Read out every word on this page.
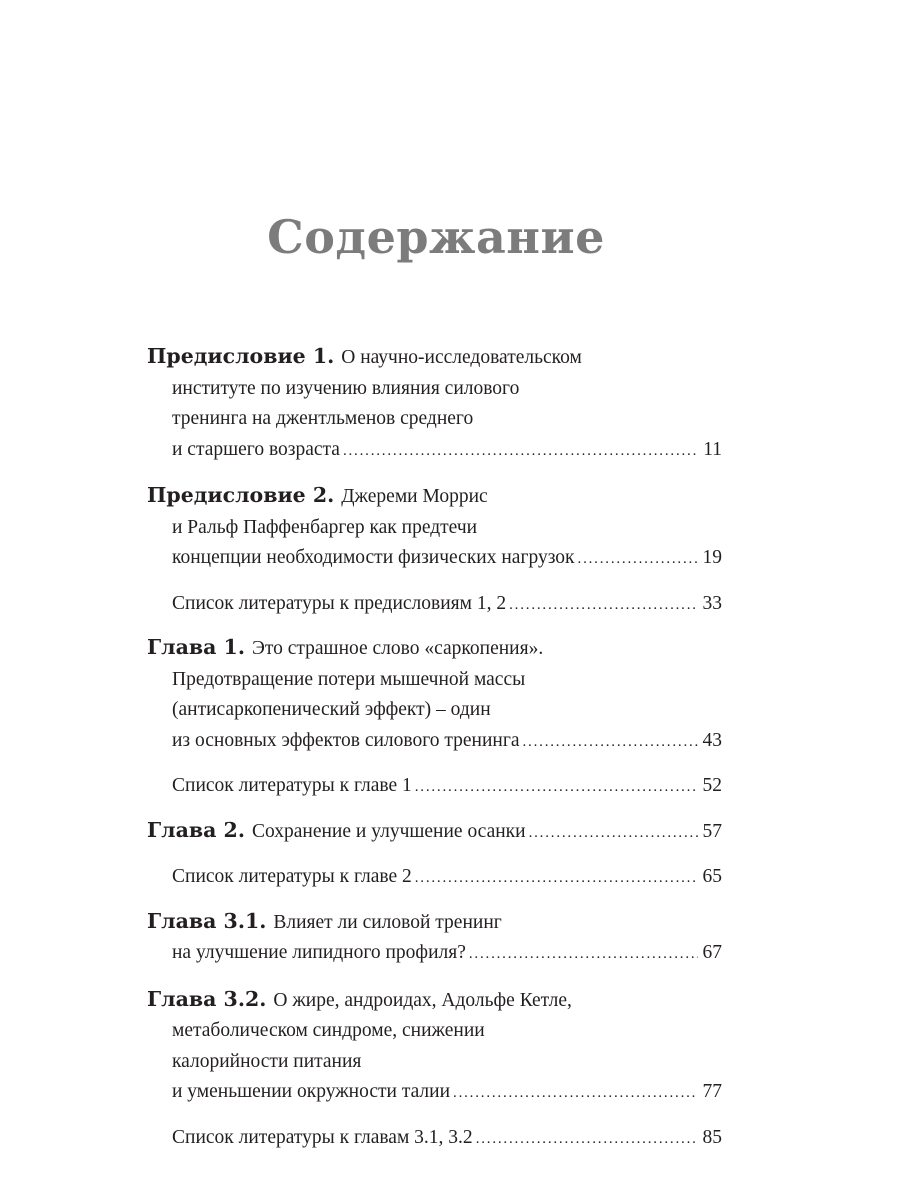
Содержание
Предисловие 1. О научно-исследовательском
институте по изучению влияния силового
тренинга на джентльменов среднего
и старшего возраста .....	11
Предисловие 2. Джереми Моррис
и Ральф Паффенбаргер как предтечи
концепции необходимости физических нагрузок .....	19
Список литературы к предисловиям 1, 2 .....	33
Глава 1. Это страшное слово «саркопения».
Предотвращение потери мышечной массы
(антисаркопенический эффект) – один
из основных эффектов силового тренинга .....	43
Список литературы к главе 1 .....	52
Глава 2. Сохранение и улучшение осанки .....	57
Список литературы к главе 2 .....	65
Глава 3.1. Влияет ли силовой тренинг
на улучшение липидного профиля? .....	67
Глава 3.2. О жире, андроидах, Адольфе Кетле,
метаболическом синдроме, снижении
калорийности питания
и уменьшении окружности талии .....	77
Список литературы к главам 3.1, 3.2 .....	85
